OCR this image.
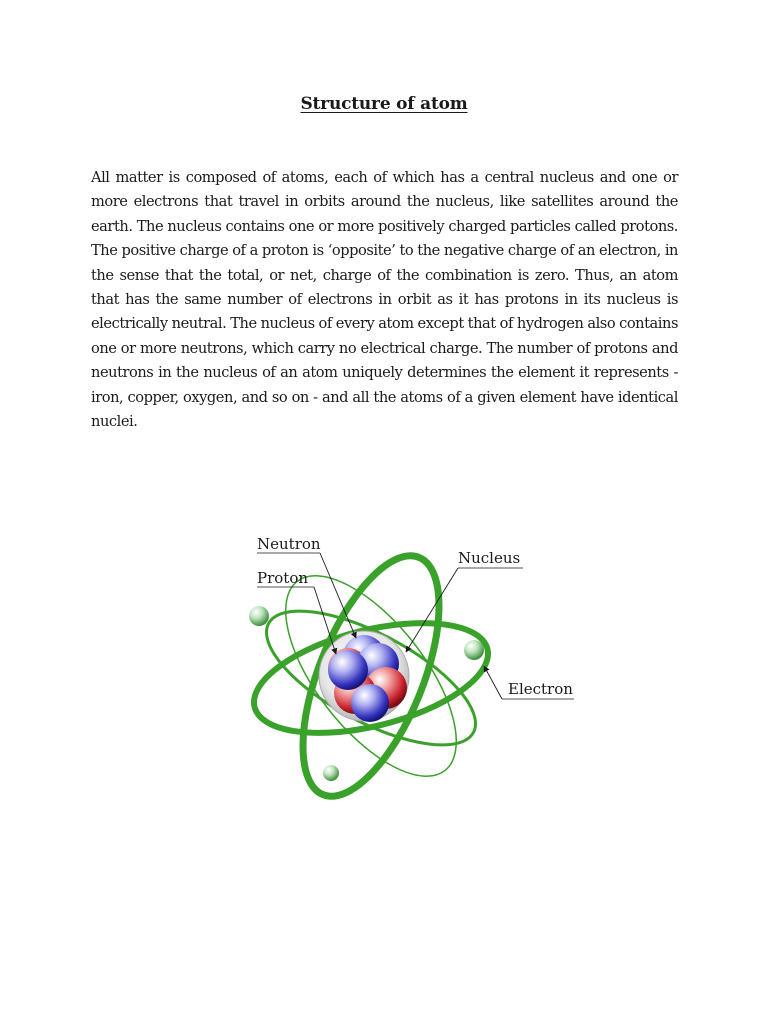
Structure of atom

All matter is composed of atoms, each of which has a central nucleus and one or more electrons that travel in orbits around the nucleus, like satellites around the earth. The nucleus contains one or more positively charged particles called protons. The positive charge of a proton is ‘opposite’ to the negative charge of an electron, in the sense that the total, or net, charge of the combination is zero. Thus, an atom that has the same number of electrons in orbit as it has protons in its nucleus is electrically neutral. The nucleus of every atom except that of hydrogen also contains one or more neutrons, which carry no electrical charge. The number of protons and neutrons in the nucleus of an atom uniquely determines the element it represents - iron, copper, oxygen, and so on - and all the atoms of a given element have identical nuclei.

Neutron
Proton
Nucleus
Electron
